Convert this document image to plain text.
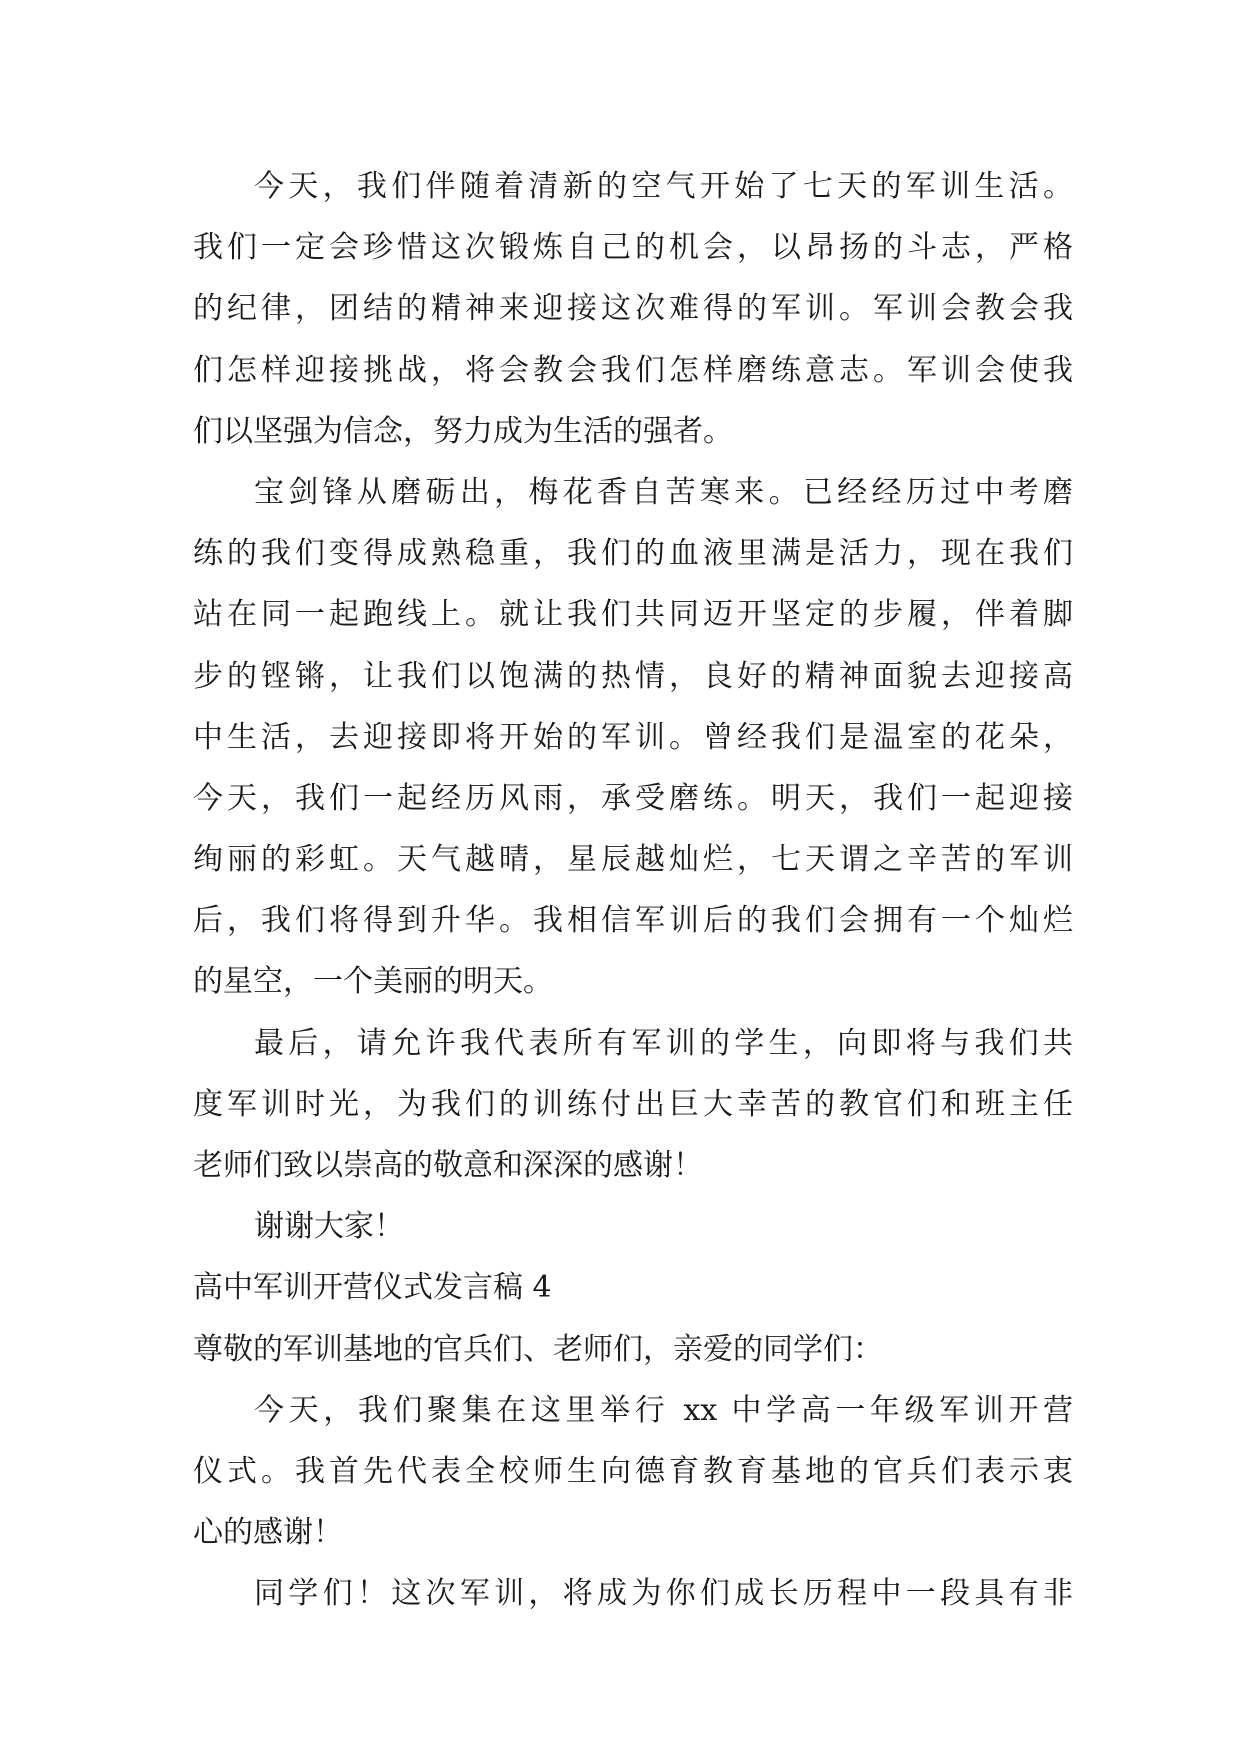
今天，我们伴随着清新的空气开始了七天的军训生活。
我们一定会珍惜这次锻炼自己的机会，以昂扬的斗志，严格
的纪律，团结的精神来迎接这次难得的军训。军训会教会我
们怎样迎接挑战，将会教会我们怎样磨练意志。军训会使我
们以坚强为信念，努力成为生活的强者。
宝剑锋从磨砺出，梅花香自苦寒来。已经经历过中考磨
练的我们变得成熟稳重，我们的血液里满是活力，现在我们
站在同一起跑线上。就让我们共同迈开坚定的步履，伴着脚
步的铿锵，让我们以饱满的热情，良好的精神面貌去迎接高
中生活，去迎接即将开始的军训。曾经我们是温室的花朵，
今天，我们一起经历风雨，承受磨练。明天，我们一起迎接
绚丽的彩虹。天气越晴，星辰越灿烂，七天谓之辛苦的军训
后，我们将得到升华。我相信军训后的我们会拥有一个灿烂
的星空，一个美丽的明天。
最后，请允许我代表所有军训的学生，向即将与我们共
度军训时光，为我们的训练付出巨大幸苦的教官们和班主任
老师们致以崇高的敬意和深深的感谢！
谢谢大家！
高中军训开营仪式发言稿 4
尊敬的军训基地的官兵们、老师们，亲爱的同学们：
今天，我们聚集在这里举行 xx 中学高一年级军训开营
仪式。我首先代表全校师生向德育教育基地的官兵们表示衷
心的感谢！
同学们！这次军训，将成为你们成长历程中一段具有非
